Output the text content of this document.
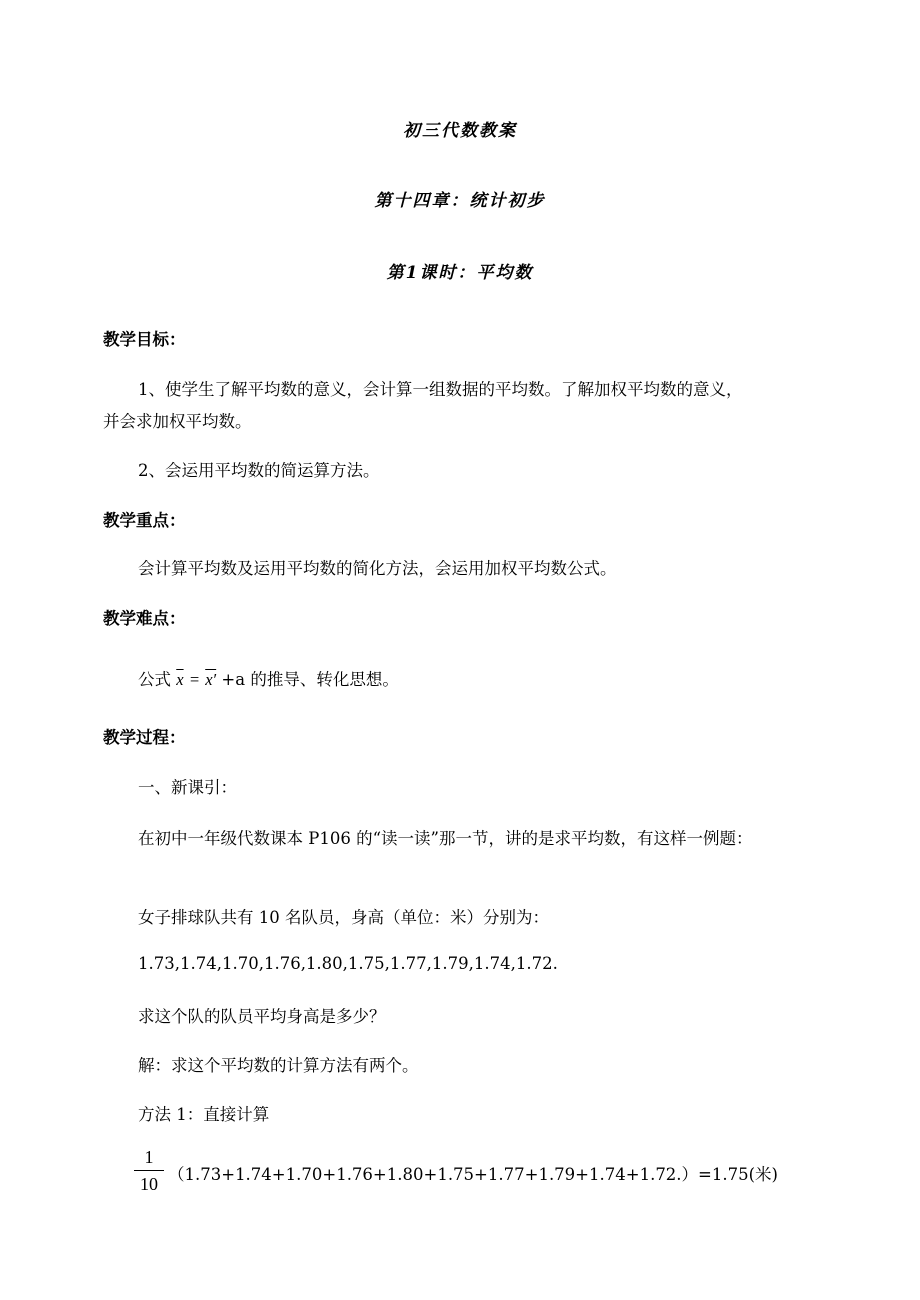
初三代数教案
第十四章：统计初步
第1课时：平均数
教学目标：
1、使学生了解平均数的意义，会计算一组数据的平均数。了解加权平均数的意义，
并会求加权平均数。
2、会运用平均数的简运算方法。
教学重点：
会计算平均数及运用平均数的简化方法，会运用加权平均数公式。
教学难点：
公式 $\overline{x} = x' +a$ 的推导、转化思想。
教学过程：
一、新课引：
在初中一年级代数课本 P106 的“读一读”那一节，讲的是求平均数，有这样一例题：
女子排球队共有 10 名队员，身高（单位：米）分别为：
1.73,1.74,1.70,1.76,1.80,1.75,1.77,1.79,1.74,1.72.
求这个队的队员平均身高是多少？
解：求这个平均数的计算方法有两个。
方法 1：直接计算
1
10 （1.73+1.74+1.70+1.76+1.80+1.75+1.77+1.79+1.74+1.72.）=1.75(米)
